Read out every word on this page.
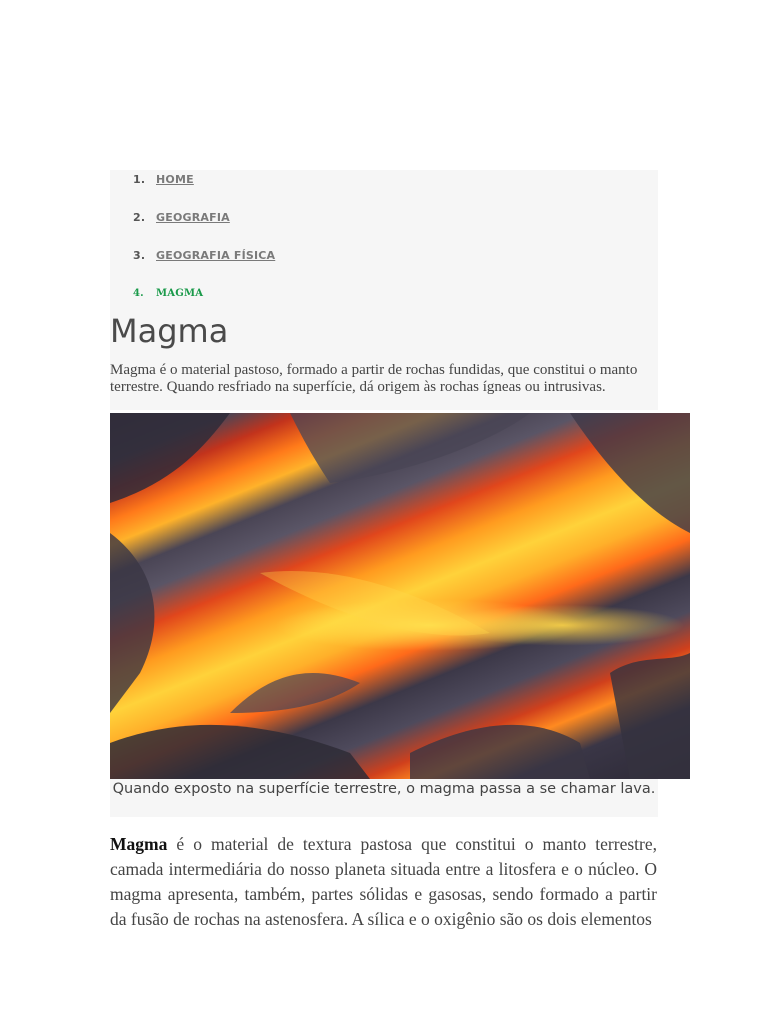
1. HOME
2. GEOGRAFIA
3. GEOGRAFIA FÍSICA
4. MAGMA
Magma

Magma é o material pastoso, formado a partir de rochas fundidas, que constitui o manto terrestre. Quando resfriado na superfície, dá origem às rochas ígneas ou intrusivas.

Quando exposto na superfície terrestre, o magma passa a se chamar lava.

Magma é o material de textura pastosa que constitui o manto terrestre, camada intermediária do nosso planeta situada entre a litosfera e o núcleo. O magma apresenta, também, partes sólidas e gasosas, sendo formado a partir da fusão de rochas na astenosfera. A sílica e o oxigênio são os dois elementos
